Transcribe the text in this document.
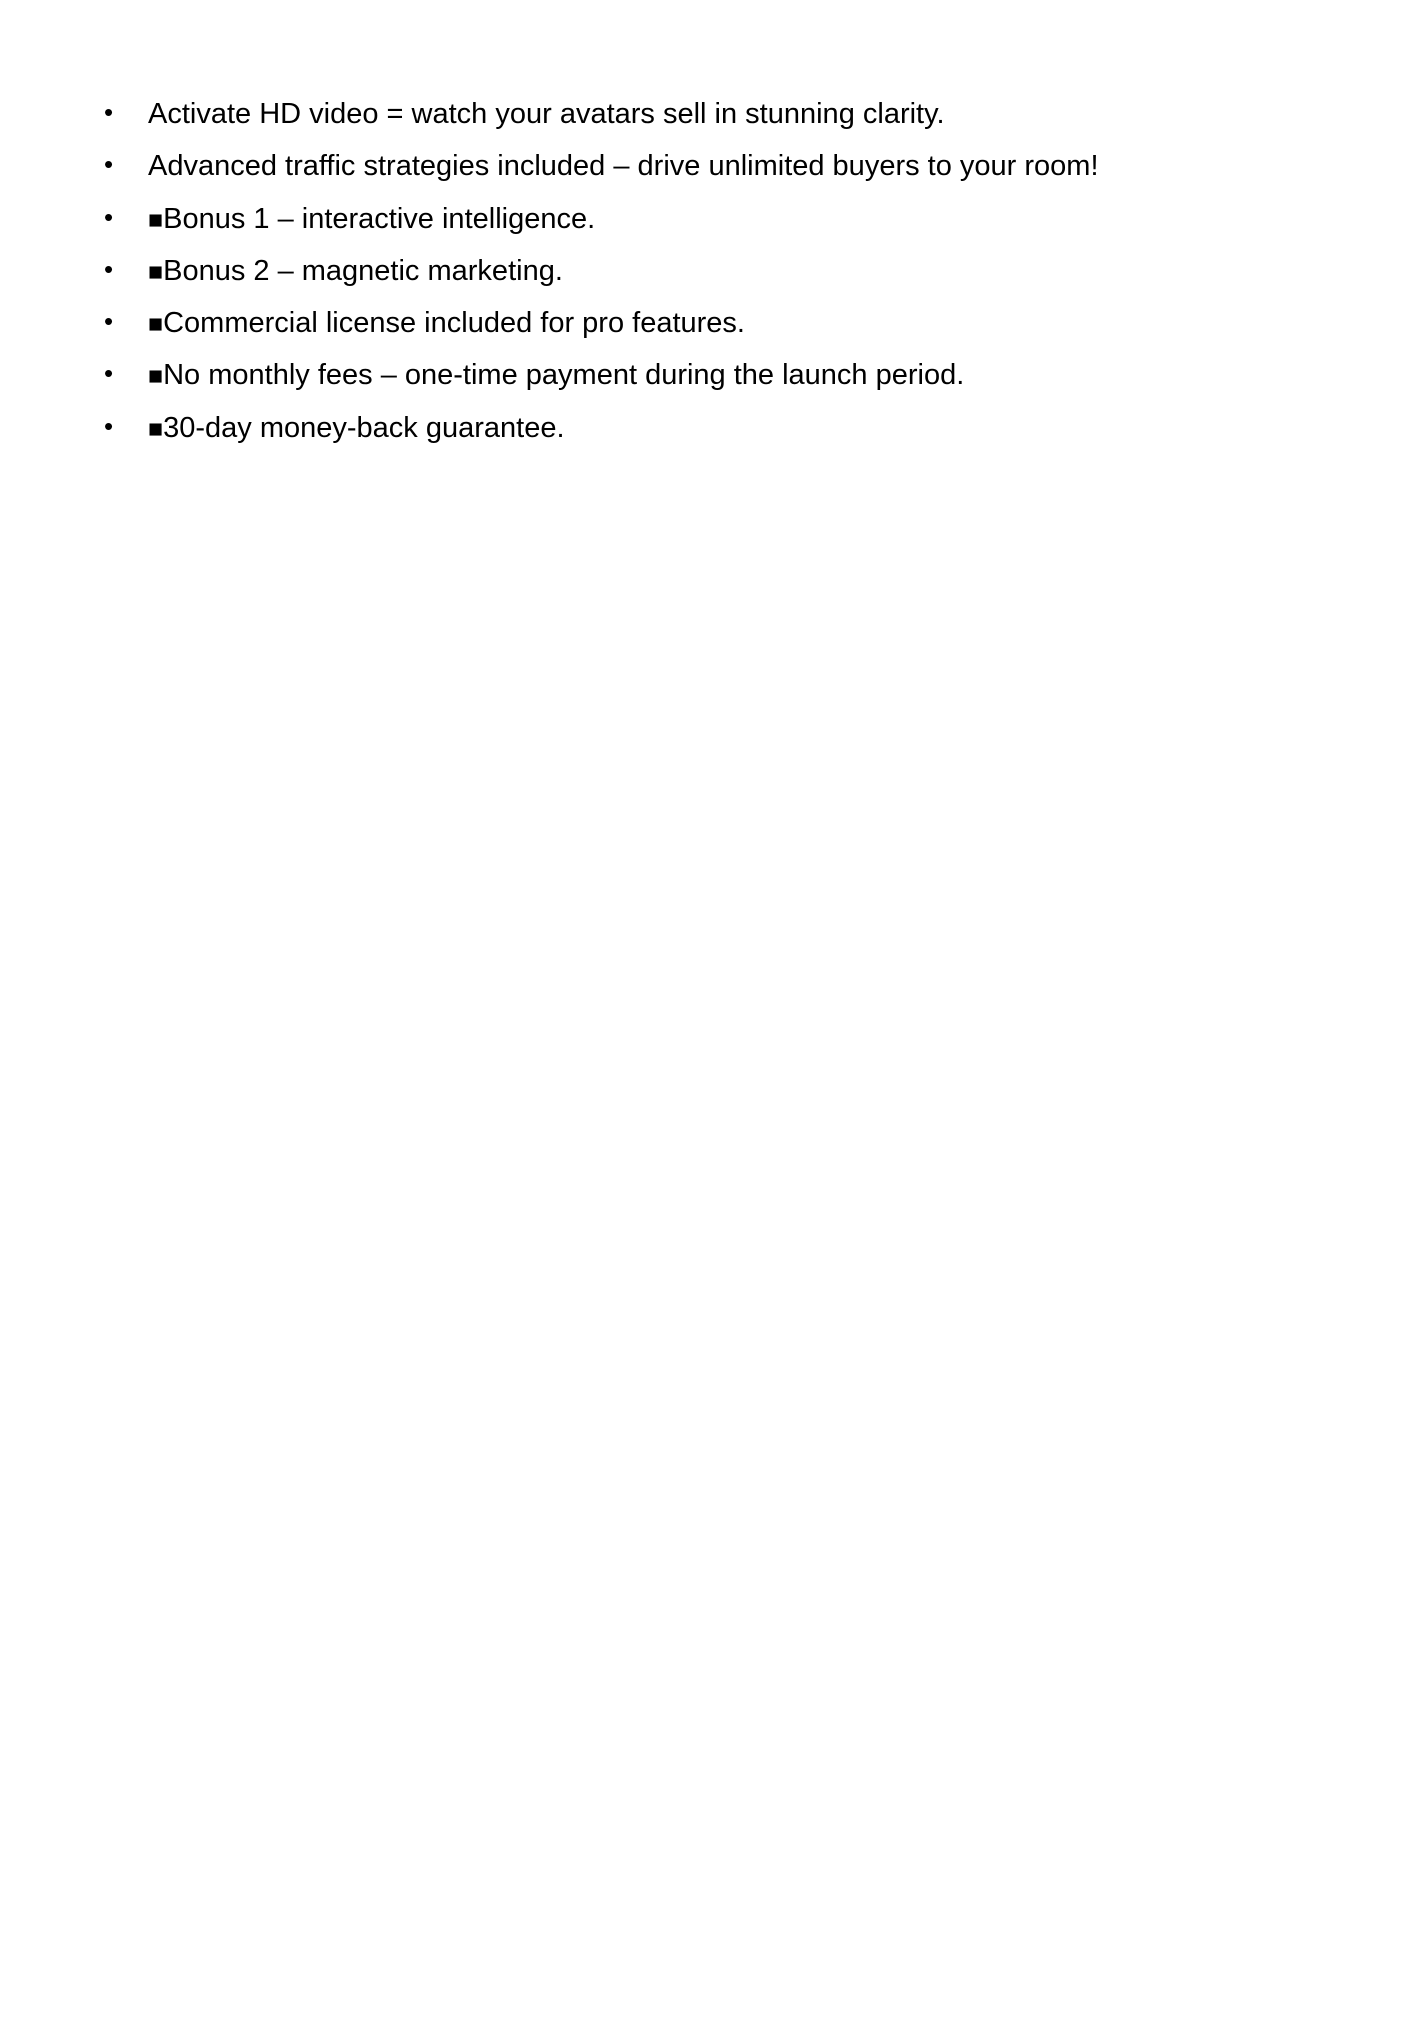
•	Activate HD video = watch your avatars sell in stunning clarity.
•	Advanced traffic strategies included – drive unlimited buyers to your room!
•	■Bonus 1 – interactive intelligence.
•	■Bonus 2 – magnetic marketing.
•	■Commercial license included for pro features.
•	■No monthly fees – one-time payment during the launch period.
•	■30-day money-back guarantee.
